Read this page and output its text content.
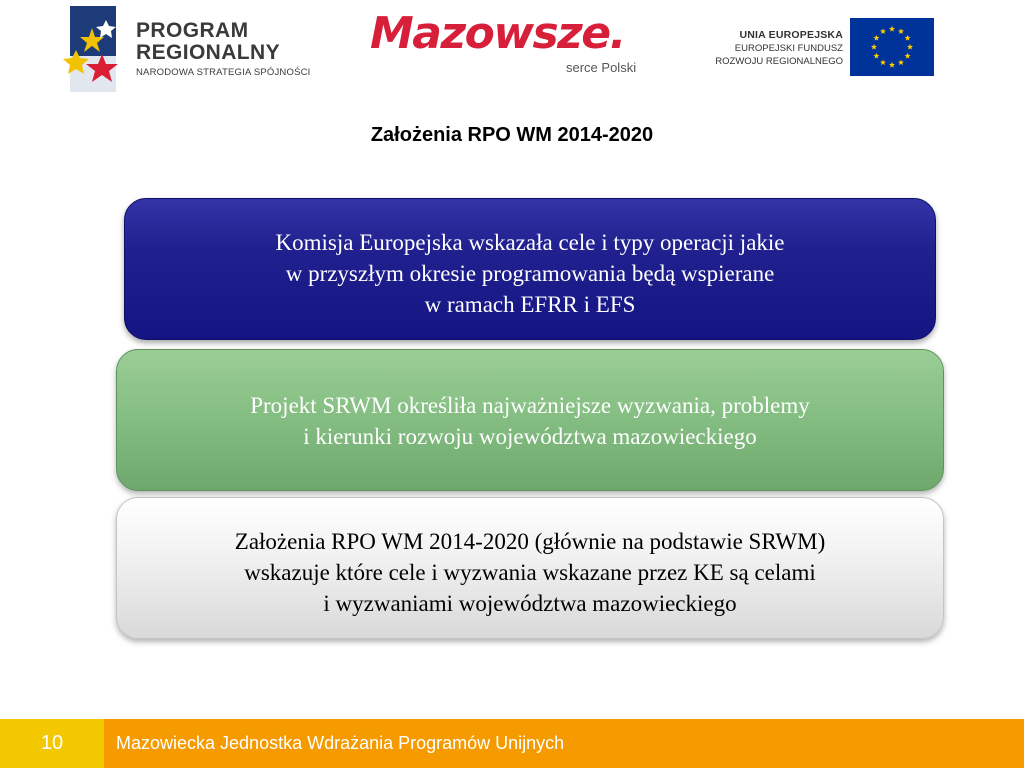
PROGRAM
REGIONALNY
NARODOWA STRATEGIA SPÓJNOŚCI
Mazowsze.
serce Polski
UNIA EUROPEJSKA
EUROPEJSKI FUNDUSZ
ROZWOJU REGIONALNEGO
Założenia RPO WM 2014-2020

Komisja Europejska wskazała cele i typy operacji jakie

w przyszłym okresie programowania będą wspierane

w ramach EFRR i EFS

Projekt SRWM określiła najważniejsze wyzwania, problemy

i kierunki rozwoju województwa mazowieckiego

Założenia RPO WM 2014-2020 (głównie na podstawie SRWM)

wskazuje które cele i wyzwania wskazane przez KE są celami

i wyzwaniami województwa mazowieckiego

10	Mazowiecka Jednostka Wdrażania Programów Unijnych
